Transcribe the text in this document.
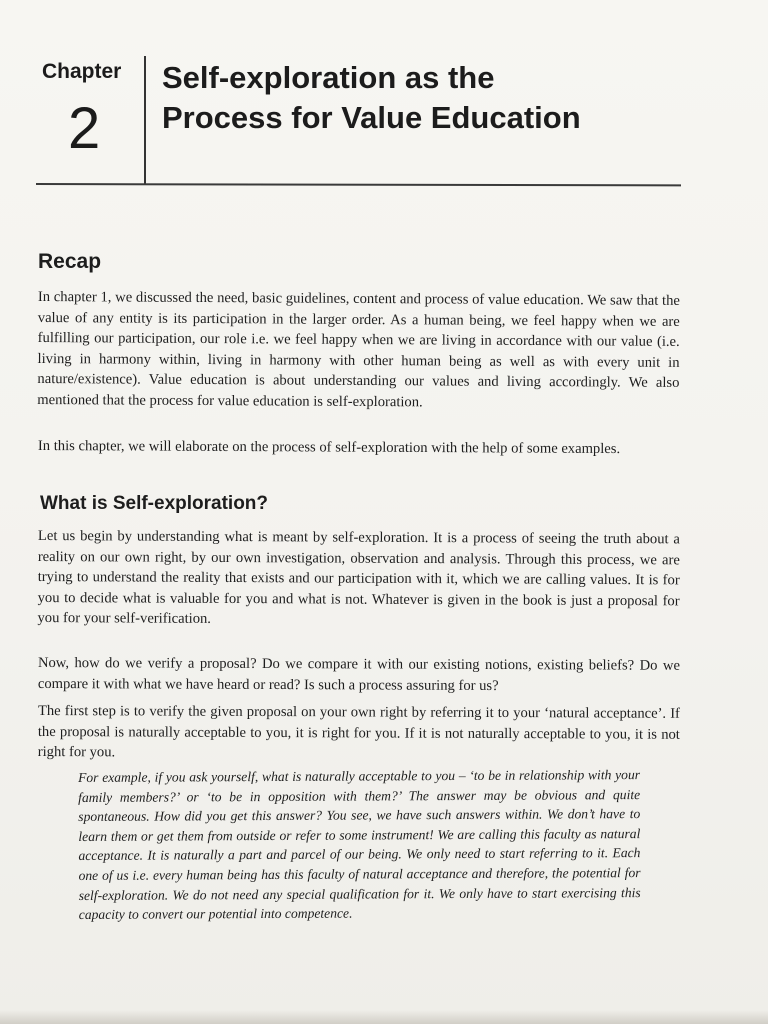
Chapter
2
Self-exploration as the
Process for Value Education
Recap

In chapter 1, we discussed the need, basic guidelines, content and process of value education. We saw that the value of any entity is its participation in the larger order. As a human being, we feel happy when we are fulfilling our participation, our role i.e. we feel happy when we are living in accordance with our value (i.e. living in harmony within, living in harmony with other human being as well as with every unit in nature/existence). Value education is about understanding our values and living accordingly. We also mentioned that the process for value education is self-exploration.

In this chapter, we will elaborate on the process of self-exploration with the help of some examples.

What is Self-exploration?

Let us begin by understanding what is meant by self-exploration. It is a process of seeing the truth about a reality on our own right, by our own investigation, observation and analysis. Through this process, we are trying to understand the reality that exists and our participation with it, which we are calling values. It is for you to decide what is valuable for you and what is not. Whatever is given in the book is just a proposal for you for your self-verification.

Now, how do we verify a proposal? Do we compare it with our existing notions, existing beliefs? Do we compare it with what we have heard or read? Is such a process assuring for us?

The first step is to verify the given proposal on your own right by referring it to your ‘natural acceptance’. If the proposal is naturally acceptable to you, it is right for you. If it is not naturally acceptable to you, it is not right for you.

For example, if you ask yourself, what is naturally acceptable to you – ‘to be in relationship with your family members?’ or ‘to be in opposition with them?’ The answer may be obvious and quite spontaneous. How did you get this answer? You see, we have such answers within. We don’t have to learn them or get them from outside or refer to some instrument! We are calling this faculty as natural acceptance. It is naturally a part and parcel of our being. We only need to start referring to it. Each one of us i.e. every human being has this faculty of natural acceptance and therefore, the potential for self-exploration. We do not need any special qualification for it. We only have to start exercising this capacity to convert our potential into competence.
